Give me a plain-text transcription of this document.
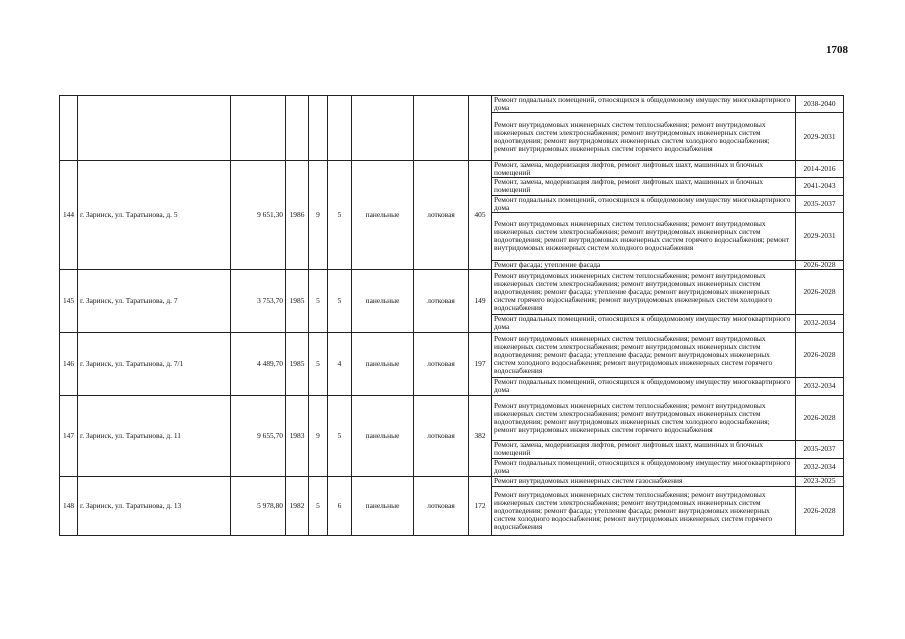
1708
									Ремонт подвальных помещений, относящихся к общедомовому имуществу многоквартирного дома	2038-2040
									Ремонт внутридомовых инженерных систем теплоснабжения; ремонт внутридомовых инженерных систем электроснабжения; ремонт внутридомовых инженерных систем водоотведения; ремонт внутридомовых инженерных систем холодного водоснабжения; ремонт внутридомовых инженерных систем горячего водоснабжения	2029-2031
144	г. Заринск, ул. Таратынова, д. 5	9 651,30	1986	9	5	панельные	лотковая	405	Ремонт, замена, модернизация лифтов, ремонт лифтовых шахт, машинных и блочных помещений	2014-2016
									Ремонт, замена, модернизация лифтов, ремонт лифтовых шахт, машинных и блочных помещений	2041-2043
									Ремонт подвальных помещений, относящихся к общедомовому имуществу многоквартирного дома	2035-2037
									Ремонт внутридомовых инженерных систем теплоснабжения; ремонт внутридомовых инженерных систем электроснабжения; ремонт внутридомовых инженерных систем водоотведения; ремонт внутридомовых инженерных систем горячего водоснабжения; ремонт внутридомовых инженерных систем холодного водоснабжения	2029-2031
									Ремонт фасада; утепление фасада	2026-2028
145	г. Заринск, ул. Таратынова, д. 7	3 753,70	1985	5	5	панельные	лотковая	149	Ремонт внутридомовых инженерных систем теплоснабжения; ремонт внутридомовых инженерных систем электроснабжения; ремонт внутридомовых инженерных систем водоотведения; ремонт фасада; утепление фасада; ремонт внутридомовых инженерных систем горячего водоснабжения; ремонт внутридомовых инженерных систем холодного водоснабжения	2026-2028
									Ремонт подвальных помещений, относящихся к общедомовому имуществу многоквартирного дома	2032-2034
146	г. Заринск, ул. Таратынова, д. 7/1	4 489,70	1985	5	4	панельные	лотковая	197	Ремонт внутридомовых инженерных систем теплоснабжения; ремонт внутридомовых инженерных систем электроснабжения; ремонт внутридомовых инженерных систем водоотведения; ремонт фасада; утепление фасада; ремонт внутридомовых инженерных систем холодного водоснабжения; ремонт внутридомовых инженерных систем горячего водоснабжения	2026-2028
									Ремонт подвальных помещений, относящихся к общедомовому имуществу многоквартирного дома	2032-2034
147	г. Заринск, ул. Таратынова, д. 11	9 655,70	1983	9	5	панельные	лотковая	382	Ремонт внутридомовых инженерных систем теплоснабжения; ремонт внутридомовых инженерных систем электроснабжения; ремонт внутридомовых инженерных систем водоотведения; ремонт внутридомовых инженерных систем холодного водоснабжения; ремонт внутридомовых инженерных систем горячего водоснабжения	2026-2028
									Ремонт, замена, модернизация лифтов, ремонт лифтовых шахт, машинных и блочных помещений	2035-2037
									Ремонт подвальных помещений, относящихся к общедомовому имуществу многоквартирного дома	2032-2034
148	г. Заринск, ул. Таратынова, д. 13	5 978,80	1982	5	6	панельные	лотковая	172	Ремонт внутридомовых инженерных систем газоснабжения	2023-2025
									Ремонт внутридомовых инженерных систем теплоснабжения; ремонт внутридомовых инженерных систем электроснабжения; ремонт внутридомовых инженерных систем водоотведения; ремонт фасада; утепление фасада; ремонт внутридомовых инженерных систем холодного водоснабжения; ремонт внутридомовых инженерных систем горячего водоснабжения	2026-2028
